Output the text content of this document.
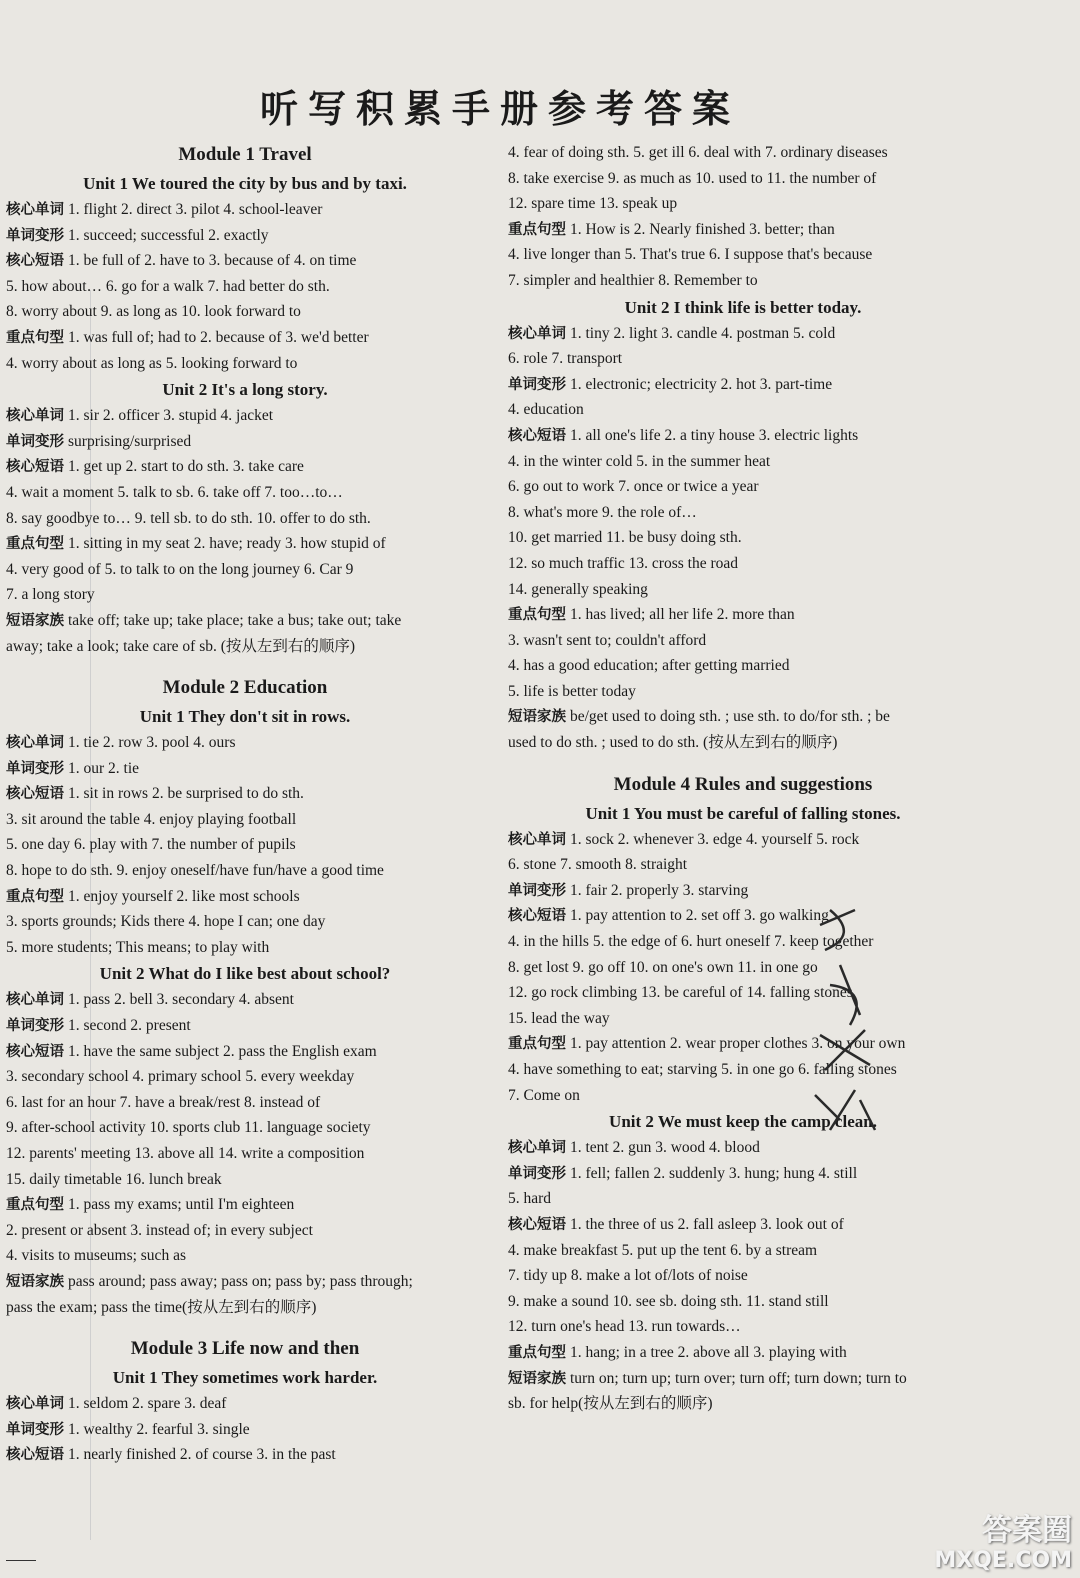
听写积累手册参考答案
Module 1 Travel
Unit 1 We toured the city by bus and by taxi.
核心单词 1. flight 2. direct 3. pilot 4. school-leaver
单词变形 1. succeed; successful 2. exactly
核心短语 1. be full of 2. have to 3. because of 4. on time
5. how about… 6. go for a walk 7. had better do sth.
8. worry about 9. as long as 10. look forward to
重点句型 1. was full of; had to 2. because of 3. we'd better
4. worry about as long as 5. looking forward to
Unit 2 It's a long story.
核心单词 1. sir 2. officer 3. stupid 4. jacket
单词变形 surprising/surprised
核心短语 1. get up 2. start to do sth. 3. take care
4. wait a moment 5. talk to sb. 6. take off 7. too…to…
8. say goodbye to… 9. tell sb. to do sth. 10. offer to do sth.
重点句型 1. sitting in my seat 2. have; ready 3. how stupid of
4. very good of 5. to talk to on the long journey 6. Car 9
7. a long story
短语家族 take off; take up; take place; take a bus; take out; take
away; take a look; take care of sb. (按从左到右的顺序)
Module 2 Education
Unit 1 They don't sit in rows.
核心单词 1. tie 2. row 3. pool 4. ours
单词变形 1. our 2. tie
核心短语 1. sit in rows 2. be surprised to do sth.
3. sit around the table 4. enjoy playing football
5. one day 6. play with 7. the number of pupils
8. hope to do sth. 9. enjoy oneself/have fun/have a good time
重点句型 1. enjoy yourself 2. like most schools
3. sports grounds; Kids there 4. hope I can; one day
5. more students; This means; to play with
Unit 2 What do I like best about school?
核心单词 1. pass 2. bell 3. secondary 4. absent
单词变形 1. second 2. present
核心短语 1. have the same subject 2. pass the English exam
3. secondary school 4. primary school 5. every weekday
6. last for an hour 7. have a break/rest 8. instead of
9. after-school activity 10. sports club 11. language society
12. parents' meeting 13. above all 14. write a composition
15. daily timetable 16. lunch break
重点句型 1. pass my exams; until I'm eighteen
2. present or absent 3. instead of; in every subject
4. visits to museums; such as
短语家族 pass around; pass away; pass on; pass by; pass through;
pass the exam; pass the time(按从左到右的顺序)
Module 3 Life now and then
Unit 1 They sometimes work harder.
核心单词 1. seldom 2. spare 3. deaf
单词变形 1. wealthy 2. fearful 3. single
核心短语 1. nearly finished 2. of course 3. in the past
4. fear of doing sth. 5. get ill 6. deal with 7. ordinary diseases
8. take exercise 9. as much as 10. used to 11. the number of
12. spare time 13. speak up
重点句型 1. How is 2. Nearly finished 3. better; than
4. live longer than 5. That's true 6. I suppose that's because
7. simpler and healthier 8. Remember to
Unit 2 I think life is better today.
核心单词 1. tiny 2. light 3. candle 4. postman 5. cold
6. role 7. transport
单词变形 1. electronic; electricity 2. hot 3. part-time
4. education
核心短语 1. all one's life 2. a tiny house 3. electric lights
4. in the winter cold 5. in the summer heat
6. go out to work 7. once or twice a year
8. what's more 9. the role of…
10. get married 11. be busy doing sth.
12. so much traffic 13. cross the road
14. generally speaking
重点句型 1. has lived; all her life 2. more than
3. wasn't sent to; couldn't afford
4. has a good education; after getting married
5. life is better today
短语家族 be/get used to doing sth. ; use sth. to do/for sth. ; be
used to do sth. ; used to do sth. (按从左到右的顺序)
Module 4 Rules and suggestions
Unit 1 You must be careful of falling stones.
核心单词 1. sock 2. whenever 3. edge 4. yourself 5. rock
6. stone 7. smooth 8. straight
单词变形 1. fair 2. properly 3. starving
核心短语 1. pay attention to 2. set off 3. go walking
4. in the hills 5. the edge of 6. hurt oneself 7. keep together
8. get lost 9. go off 10. on one's own 11. in one go
12. go rock climbing 13. be careful of 14. falling stones
15. lead the way
重点句型 1. pay attention 2. wear proper clothes 3. on your own
4. have something to eat; starving 5. in one go 6. falling stones
7. Come on
Unit 2 We must keep the camp clean.
核心单词 1. tent 2. gun 3. wood 4. blood
单词变形 1. fell; fallen 2. suddenly 3. hung; hung 4. still
5. hard
核心短语 1. the three of us 2. fall asleep 3. look out of
4. make breakfast 5. put up the tent 6. by a stream
7. tidy up 8. make a lot of/lots of noise
9. make a sound 10. see sb. doing sth. 11. stand still
12. turn one's head 13. run towards…
重点句型 1. hang; in a tree 2. above all 3. playing with
短语家族 turn on; turn up; turn over; turn off; turn down; turn to
sb. for help(按从左到右的顺序)
答案圈
MXQE.COM
